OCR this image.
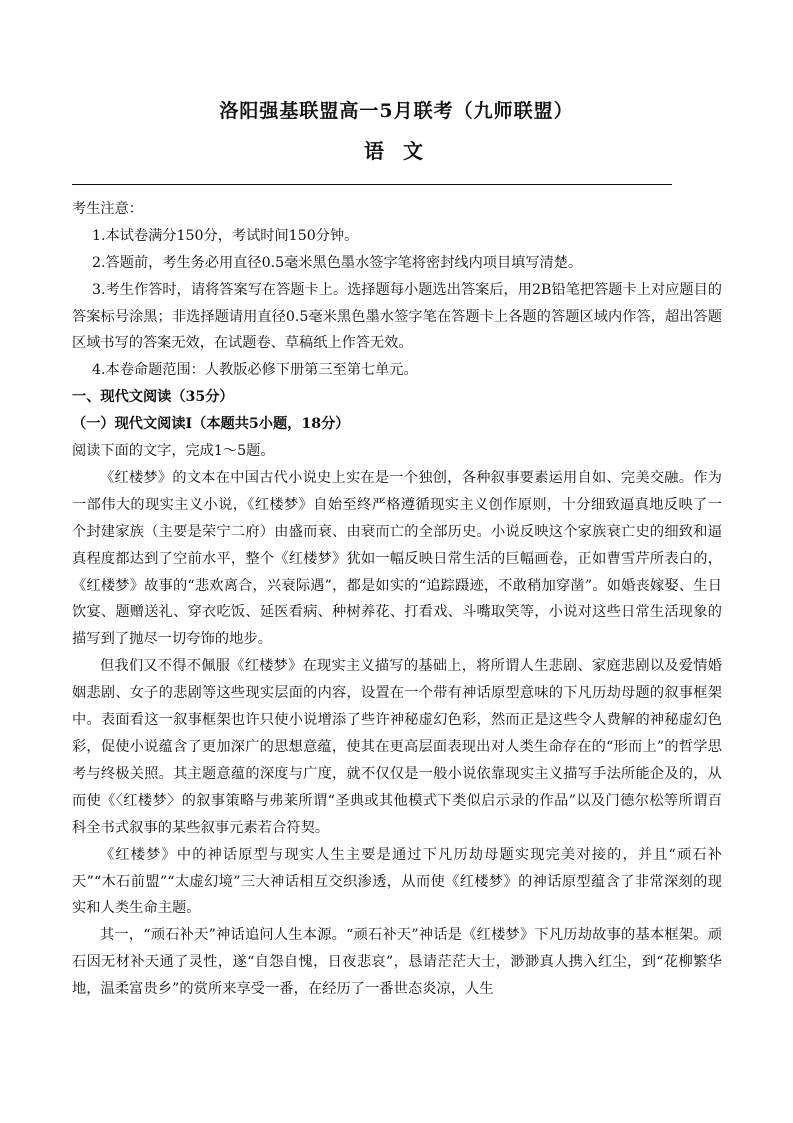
洛阳强基联盟高一5月联考（九师联盟）
语 文
考生注意：
1.本试卷满分150分，考试时间150分钟。
2.答题前，考生务必用直径0.5毫米黑色墨水签字笔将密封线内项目填写清楚。
3.考生作答时，请将答案写在答题卡上。选择题每小题选出答案后，用2B铅笔把答题卡上对应题目的答案标号涂黑；非选择题请用直径0.5毫米黑色墨水签字笔在答题卡上各题的答题区域内作答，超出答题区域书写的答案无效，在试题卷、草稿纸上作答无效。
4.本卷命题范围：人教版必修下册第三至第七单元。
一、现代文阅读（35分）
（一）现代文阅读Ⅰ（本题共5小题，18分）
阅读下面的文字，完成1～5题。
《红楼梦》的文本在中国古代小说史上实在是一个独创，各种叙事要素运用自如、完美交融。作为一部伟大的现实主义小说，《红楼梦》自始至终严格遵循现实主义创作原则，十分细致逼真地反映了一个封建家族（主要是荣宁二府）由盛而衰、由衰而亡的全部历史。小说反映这个家族衰亡史的细致和逼真程度都达到了空前水平，整个《红楼梦》犹如一幅反映日常生活的巨幅画卷，正如曹雪芹所表白的，《红楼梦》故事的“悲欢离合，兴衰际遇”，都是如实的“追踪蹑迹，不敢稍加穿凿”。如婚丧嫁娶、生日饮宴、题赠送礼、穿衣吃饭、延医看病、种树养花、打看戏、斗嘴取笑等，小说对这些日常生活现象的描写到了抛尽一切夸饰的地步。
但我们又不得不佩服《红楼梦》在现实主义描写的基础上，将所谓人生悲剧、家庭悲剧以及爱情婚姻悲剧、女子的悲剧等这些现实层面的内容，设置在一个带有神话原型意味的下凡历劫母题的叙事框架中。表面看这一叙事框架也许只使小说增添了些许神秘虚幻色彩，然而正是这些令人费解的神秘虚幻色彩，促使小说蕴含了更加深广的思想意蕴，使其在更高层面表现出对人类生命存在的“形而上”的哲学思考与终极关照。其主题意蕴的深度与广度，就不仅仅是一般小说依靠现实主义描写手法所能企及的，从而使《〈红楼梦〉的叙事策略与弗莱所谓“圣典或其他模式下类似启示录的作品”以及门德尔松等所谓百科全书式叙事的某些叙事元素若合符契。
《红楼梦》中的神话原型与现实人生主要是通过下凡历劫母题实现完美对接的，并且“顽石补天”“木石前盟”“太虚幻境”三大神话相互交织渗透，从而使《红楼梦》的神话原型蕴含了非常深刻的现实和人类生命主题。
其一，“顽石补天”神话追问人生本源。“顽石补天”神话是《红楼梦》下凡历劫故事的基本框架。顽石因无材补天通了灵性，遂“自怨自愧，日夜悲哀”，恳请茫茫大士，渺渺真人携入红尘，到“花柳繁华地，温柔富贵乡”的赏所来享受一番，在经历了一番世态炎凉，人生
